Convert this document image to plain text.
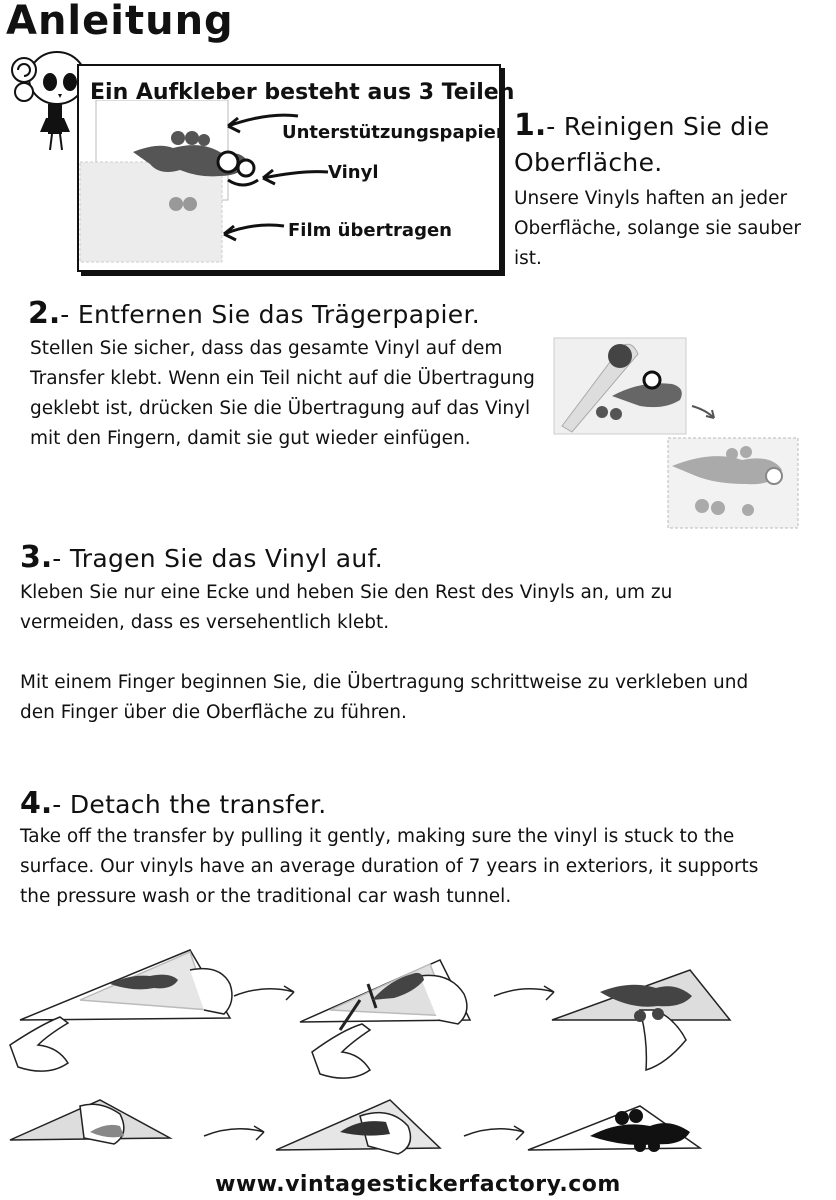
Anleitung
Ein Aufkleber besteht aus 3 Teilen
Unterstützungspapier
Vinyl
Film übertragen
1.- Reinigen Sie die
Oberfläche.
Unsere Vinyls haften an jeder
Oberfläche, solange sie sauber
ist.
2.- Entfernen Sie das Trägerpapier.
Stellen Sie sicher, dass das gesamte Vinyl auf dem
Transfer klebt. Wenn ein Teil nicht auf die Übertragung
geklebt ist, drücken Sie die Übertragung auf das Vinyl
mit den Fingern, damit sie gut wieder einfügen.
3.- Tragen Sie das Vinyl auf.
Kleben Sie nur eine Ecke und heben Sie den Rest des Vinyls an, um zu
vermeiden, dass es versehentlich klebt.
Mit einem Finger beginnen Sie, die Übertragung schrittweise zu verkleben und
den Finger über die Oberfläche zu führen.
4.- Detach the transfer.
Take off the transfer by pulling it gently, making sure the vinyl is stuck to the
surface. Our vinyls have an average duration of 7 years in exteriors, it supports
the pressure wash or the traditional car wash tunnel.
www.vintagestickerfactory.com
